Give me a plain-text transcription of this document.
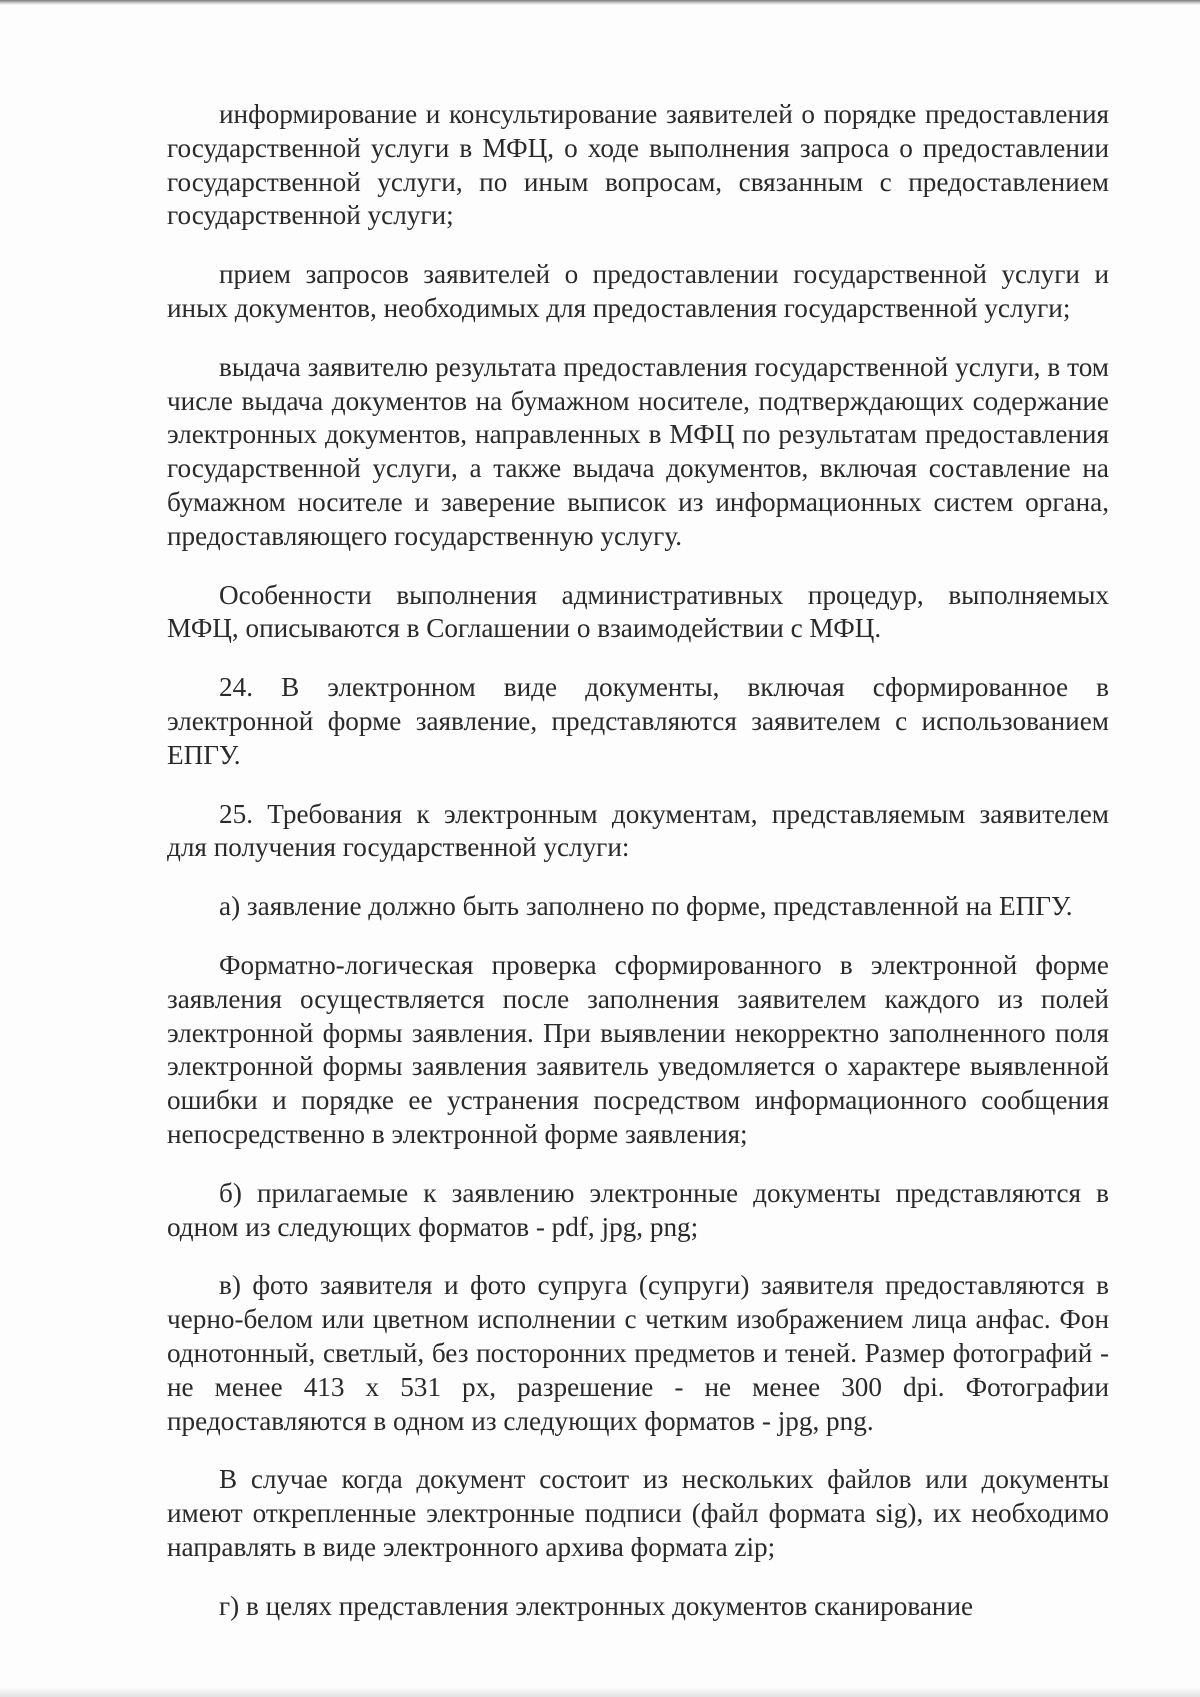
информирование и консультирование заявителей о порядке предоставления государственной услуги в МФЦ, о ходе выполнения запроса о предоставлении государственной услуги, по иным вопросам, связанным с предоставлением государственной услуги;

прием запросов заявителей о предоставлении государственной услуги и иных документов, необходимых для предоставления государственной услуги;

выдача заявителю результата предоставления государственной услуги, в том числе выдача документов на бумажном носителе, подтверждающих содержание электронных документов, направленных в МФЦ по результатам предоставления государственной услуги, а также выдача документов, включая составление на бумажном носителе и заверение выписок из информационных систем органа, предоставляющего государственную услугу.

Особенности выполнения административных процедур, выполняемых МФЦ, описываются в Соглашении о взаимодействии с МФЦ.

24. В электронном виде документы, включая сформированное в электронной форме заявление, представляются заявителем с использованием ЕПГУ.

25. Требования к электронным документам, представляемым заявителем для получения государственной услуги:

а) заявление должно быть заполнено по форме, представленной на ЕПГУ.

Форматно-логическая проверка сформированного в электронной форме заявления осуществляется после заполнения заявителем каждого из полей электронной формы заявления. При выявлении некорректно заполненного поля электронной формы заявления заявитель уведомляется о характере выявленной ошибки и порядке ее устранения посредством информационного сообщения непосредственно в электронной форме заявления;

б) прилагаемые к заявлению электронные документы представляются в одном из следующих форматов - pdf, jpg, png;

в) фото заявителя и фото супруга (супруги) заявителя предоставляются в черно-белом или цветном исполнении с четким изображением лица анфас. Фон однотонный, светлый, без посторонних предметов и теней. Размер фотографий - не менее 413 x 531 px, разрешение - не менее 300 dpi. Фотографии предоставляются в одном из следующих форматов - jpg, png.

В случае когда документ состоит из нескольких файлов или документы имеют открепленные электронные подписи (файл формата sig), их необходимо направлять в виде электронного архива формата zip;

г) в целях представления электронных документов сканирование
